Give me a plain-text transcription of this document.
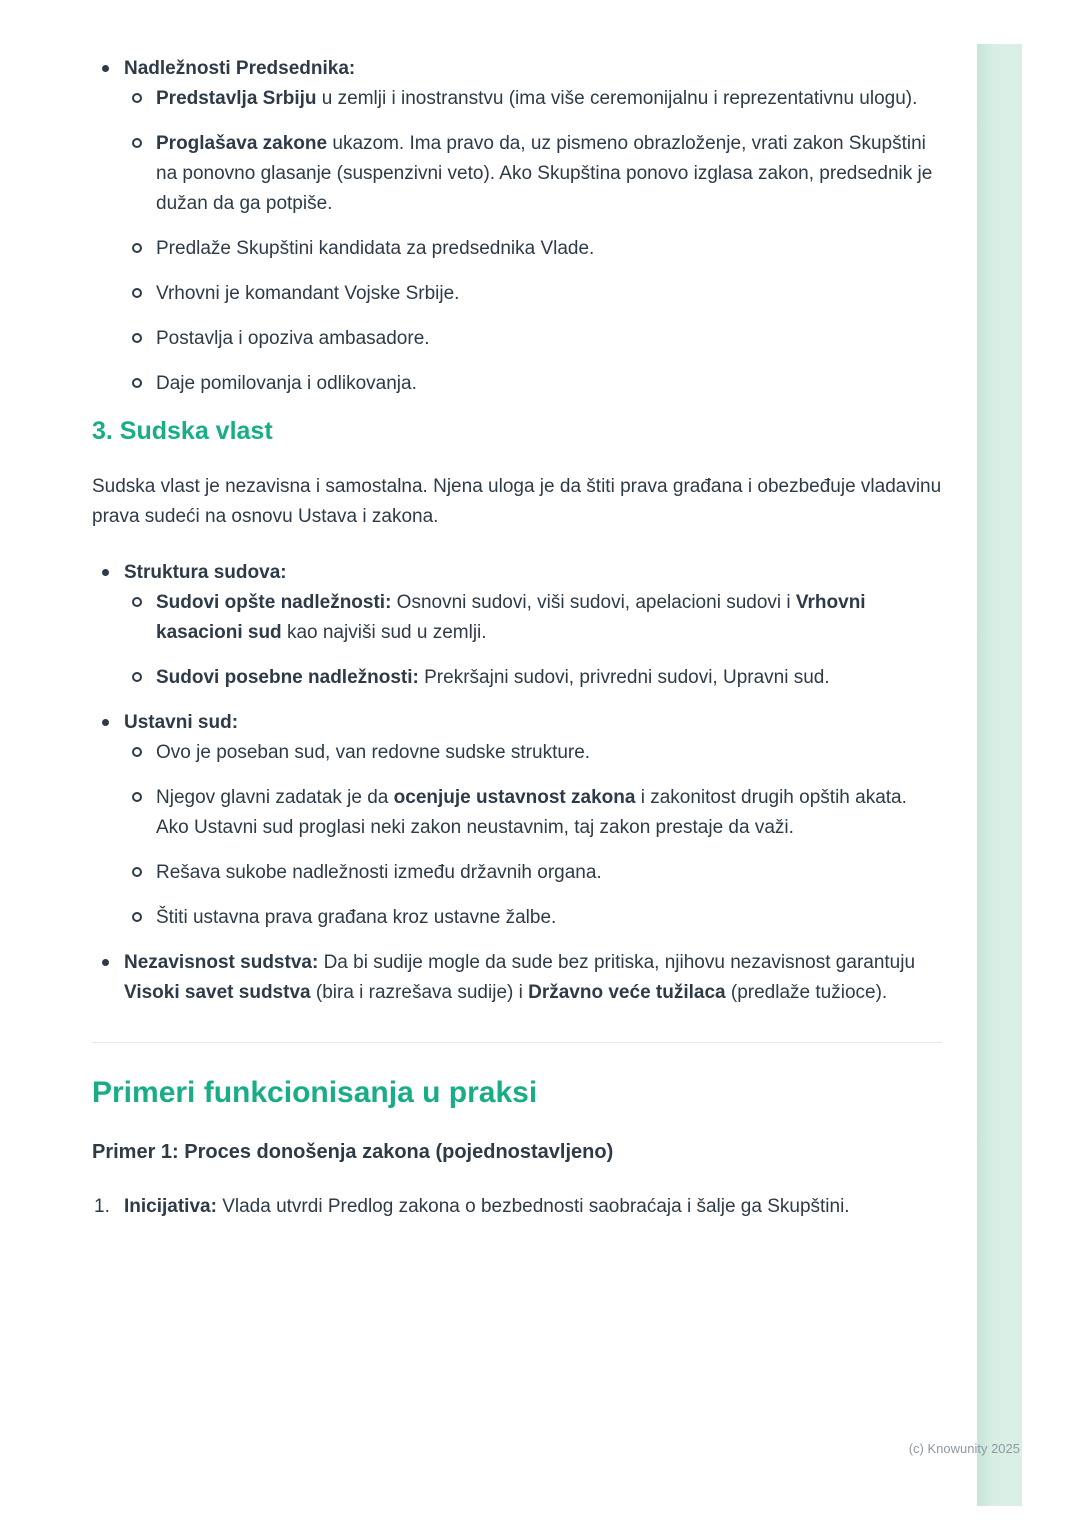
Nadležnosti Predsednika:
Predstavlja Srbiju u zemlji i inostranstvu (ima više ceremonijalnu i reprezentativnu ulogu).
Proglašava zakone ukazom. Ima pravo da, uz pismeno obrazloženje, vrati zakon Skupštini na ponovno glasanje (suspenzivni veto). Ako Skupština ponovo izglasa zakon, predsednik je dužan da ga potpiše.
Predlaže Skupštini kandidata za predsednika Vlade.
Vrhovni je komandant Vojske Srbije.
Postavlja i opoziva ambasadore.
Daje pomilovanja i odlikovanja.
3. Sudska vlast

Sudska vlast je nezavisna i samostalna. Njena uloga je da štiti prava građana i obezbeđuje vladavinu prava sudeći na osnovu Ustava i zakona.

Struktura sudova:
Sudovi opšte nadležnosti: Osnovni sudovi, viši sudovi, apelacioni sudovi i Vrhovni kasacioni sud kao najviši sud u zemlji.
Sudovi posebne nadležnosti: Prekršajni sudovi, privredni sudovi, Upravni sud.
Ustavni sud:
Ovo je poseban sud, van redovne sudske strukture.
Njegov glavni zadatak je da ocenjuje ustavnost zakona i zakonitost drugih opštih akata. Ako Ustavni sud proglasi neki zakon neustavnim, taj zakon prestaje da važi.
Rešava sukobe nadležnosti između državnih organa.
Štiti ustavna prava građana kroz ustavne žalbe.
Nezavisnost sudstva: Da bi sudije mogle da sude bez pritiska, njihovu nezavisnost garantuju Visoki savet sudstva (bira i razrešava sudije) i Državno veće tužilaca (predlaže tužioce).
Primeri funkcionisanja u praksi
Primer 1: Proces donošenja zakona (pojednostavljeno)
1. Inicijativa: Vlada utvrdi Predlog zakona o bezbednosti saobraćaja i šalje ga Skupštini.
(c) Knowunity 2025
